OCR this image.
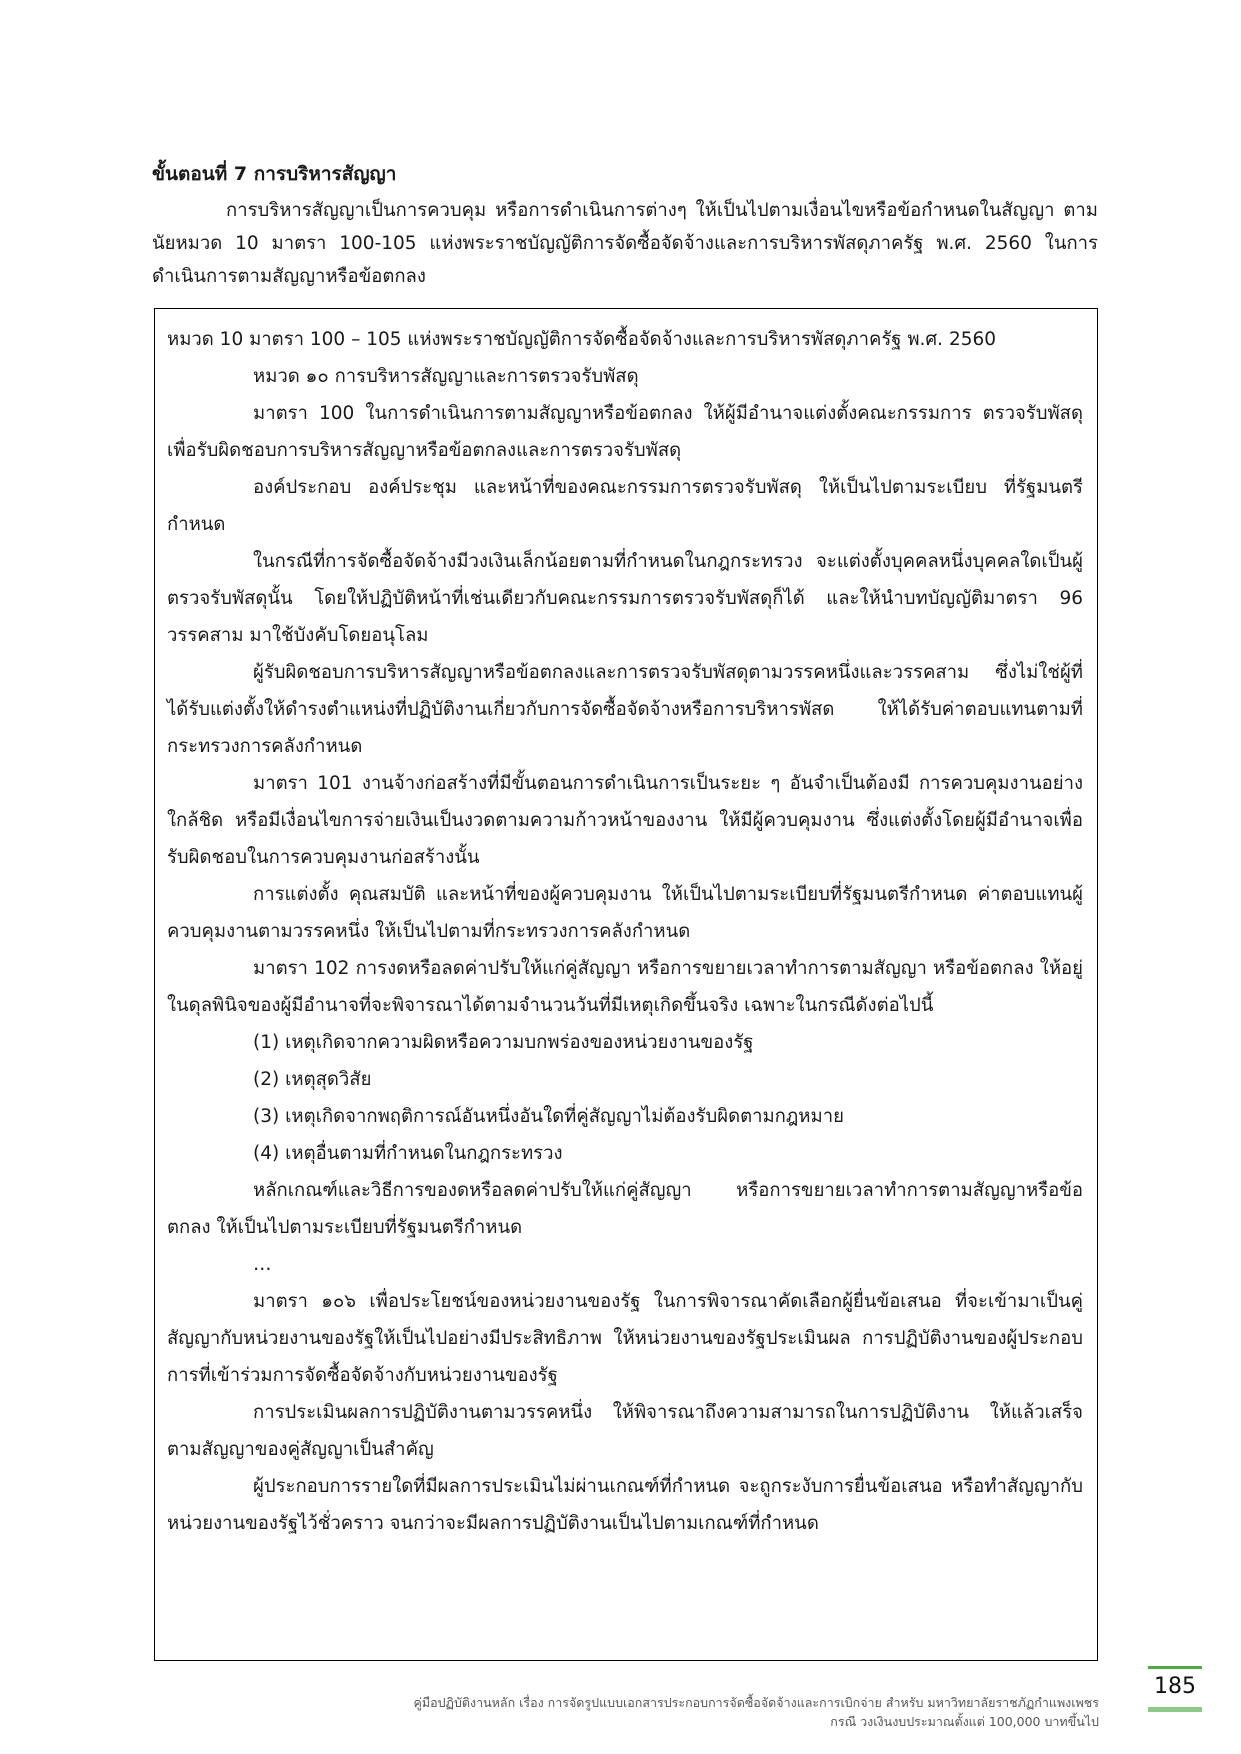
ขั้นตอนที่ 7 การบริหารสัญญา

การบริหารสัญญาเป็นการควบคุม หรือการดำเนินการต่างๆ ให้เป็นไปตามเงื่อนไขหรือข้อกำหนดในสัญญา ตามนัยหมวด 10 มาตรา 100-105 แห่งพระราชบัญญัติการจัดซื้อจัดจ้างและการบริหารพัสดุภาครัฐ พ.ศ. 2560 ในการดำเนินการตามสัญญาหรือข้อตกลง

หมวด 10 มาตรา 100 – 105 แห่งพระราชบัญญัติการจัดซื้อจัดจ้างและการบริหารพัสดุภาครัฐ พ.ศ. 2560

หมวด ๑๐ การบริหารสัญญาและการตรวจรับพัสดุ

มาตรา 100 ในการดำเนินการตามสัญญาหรือข้อตกลง ให้ผู้มีอำนาจแต่งตั้งคณะกรรมการ ตรวจรับพัสดุเพื่อรับผิดชอบการบริหารสัญญาหรือข้อตกลงและการตรวจรับพัสดุ

องค์ประกอบ องค์ประชุม และหน้าที่ของคณะกรรมการตรวจรับพัสดุ ให้เป็นไปตามระเบียบ ที่รัฐมนตรีกำหนด

ในกรณีที่การจัดซื้อจัดจ้างมีวงเงินเล็กน้อยตามที่กำหนดในกฎกระทรวง จะแต่งตั้งบุคคลหนึ่งบุคคลใดเป็นผู้ตรวจรับพัสดุนั้น โดยให้ปฏิบัติหน้าที่เช่นเดียวกับคณะกรรมการตรวจรับพัสดุก็ได้ และให้นำบทบัญญัติมาตรา 96 วรรคสาม มาใช้บังคับโดยอนุโลม

ผู้รับผิดชอบการบริหารสัญญาหรือข้อตกลงและการตรวจรับพัสดุตามวรรคหนึ่งและวรรคสาม ซึ่งไม่ใช่ผู้ที่ได้รับแต่งตั้งให้ดำรงตำแหน่งที่ปฏิบัติงานเกี่ยวกับการจัดซื้อจัดจ้างหรือการบริหารพัสด ให้ได้รับค่าตอบแทนตามที่กระทรวงการคลังกำหนด

มาตรา 101 งานจ้างก่อสร้างที่มีขั้นตอนการดำเนินการเป็นระยะ ๆ อันจำเป็นต้องมี การควบคุมงานอย่างใกล้ชิด หรือมีเงื่อนไขการจ่ายเงินเป็นงวดตามความก้าวหน้าของงาน ให้มีผู้ควบคุมงาน ซึ่งแต่งตั้งโดยผู้มีอำนาจเพื่อรับผิดชอบในการควบคุมงานก่อสร้างนั้น

การแต่งตั้ง คุณสมบัติ และหน้าที่ของผู้ควบคุมงาน ให้เป็นไปตามระเบียบที่รัฐมนตรีกำหนด ค่าตอบแทนผู้ควบคุมงานตามวรรคหนึ่ง ให้เป็นไปตามที่กระทรวงการคลังกำหนด

มาตรา 102 การงดหรือลดค่าปรับให้แก่คู่สัญญา หรือการขยายเวลาทำการตามสัญญา หรือข้อตกลง ให้อยู่ในดุลพินิจของผู้มีอำนาจที่จะพิจารณาได้ตามจำนวนวันที่มีเหตุเกิดขึ้นจริง เฉพาะในกรณีดังต่อไปนี้

(1) เหตุเกิดจากความผิดหรือความบกพร่องของหน่วยงานของรัฐ

(2) เหตุสุดวิสัย

(3) เหตุเกิดจากพฤติการณ์อันหนึ่งอันใดที่คู่สัญญาไม่ต้องรับผิดตามกฎหมาย

(4) เหตุอื่นตามที่กำหนดในกฎกระทรวง

หลักเกณฑ์และวิธีการของดหรือลดค่าปรับให้แก่คู่สัญญา หรือการขยายเวลาทำการตามสัญญาหรือข้อตกลง ให้เป็นไปตามระเบียบที่รัฐมนตรีกำหนด

…

มาตรา ๑๐๖ เพื่อประโยชน์ของหน่วยงานของรัฐ ในการพิจารณาคัดเลือกผู้ยื่นข้อเสนอ ที่จะเข้ามาเป็นคู่สัญญากับหน่วยงานของรัฐให้เป็นไปอย่างมีประสิทธิภาพ ให้หน่วยงานของรัฐประเมินผล การปฏิบัติงานของผู้ประกอบการที่เข้าร่วมการจัดซื้อจัดจ้างกับหน่วยงานของรัฐ

การประเมินผลการปฏิบัติงานตามวรรคหนึ่ง ให้พิจารณาถึงความสามารถในการปฏิบัติงาน ให้แล้วเสร็จตามสัญญาของคู่สัญญาเป็นสำคัญ

ผู้ประกอบการรายใดที่มีผลการประเมินไม่ผ่านเกณฑ์ที่กำหนด จะถูกระงับการยื่นข้อเสนอ หรือทำสัญญากับหน่วยงานของรัฐไว้ชั่วคราว จนกว่าจะมีผลการปฏิบัติงานเป็นไปตามเกณฑ์ที่กำหนด

คู่มือปฏิบัติงานหลัก เรื่อง การจัดรูปแบบเอกสารประกอบการจัดซื้อจัดจ้างและการเบิกจ่าย สำหรับ มหาวิทยาลัยราชภัฏกำแพงเพชร
กรณี วงเงินงบประมาณตั้งแต่ 100,000 บาทขึ้นไป
185
